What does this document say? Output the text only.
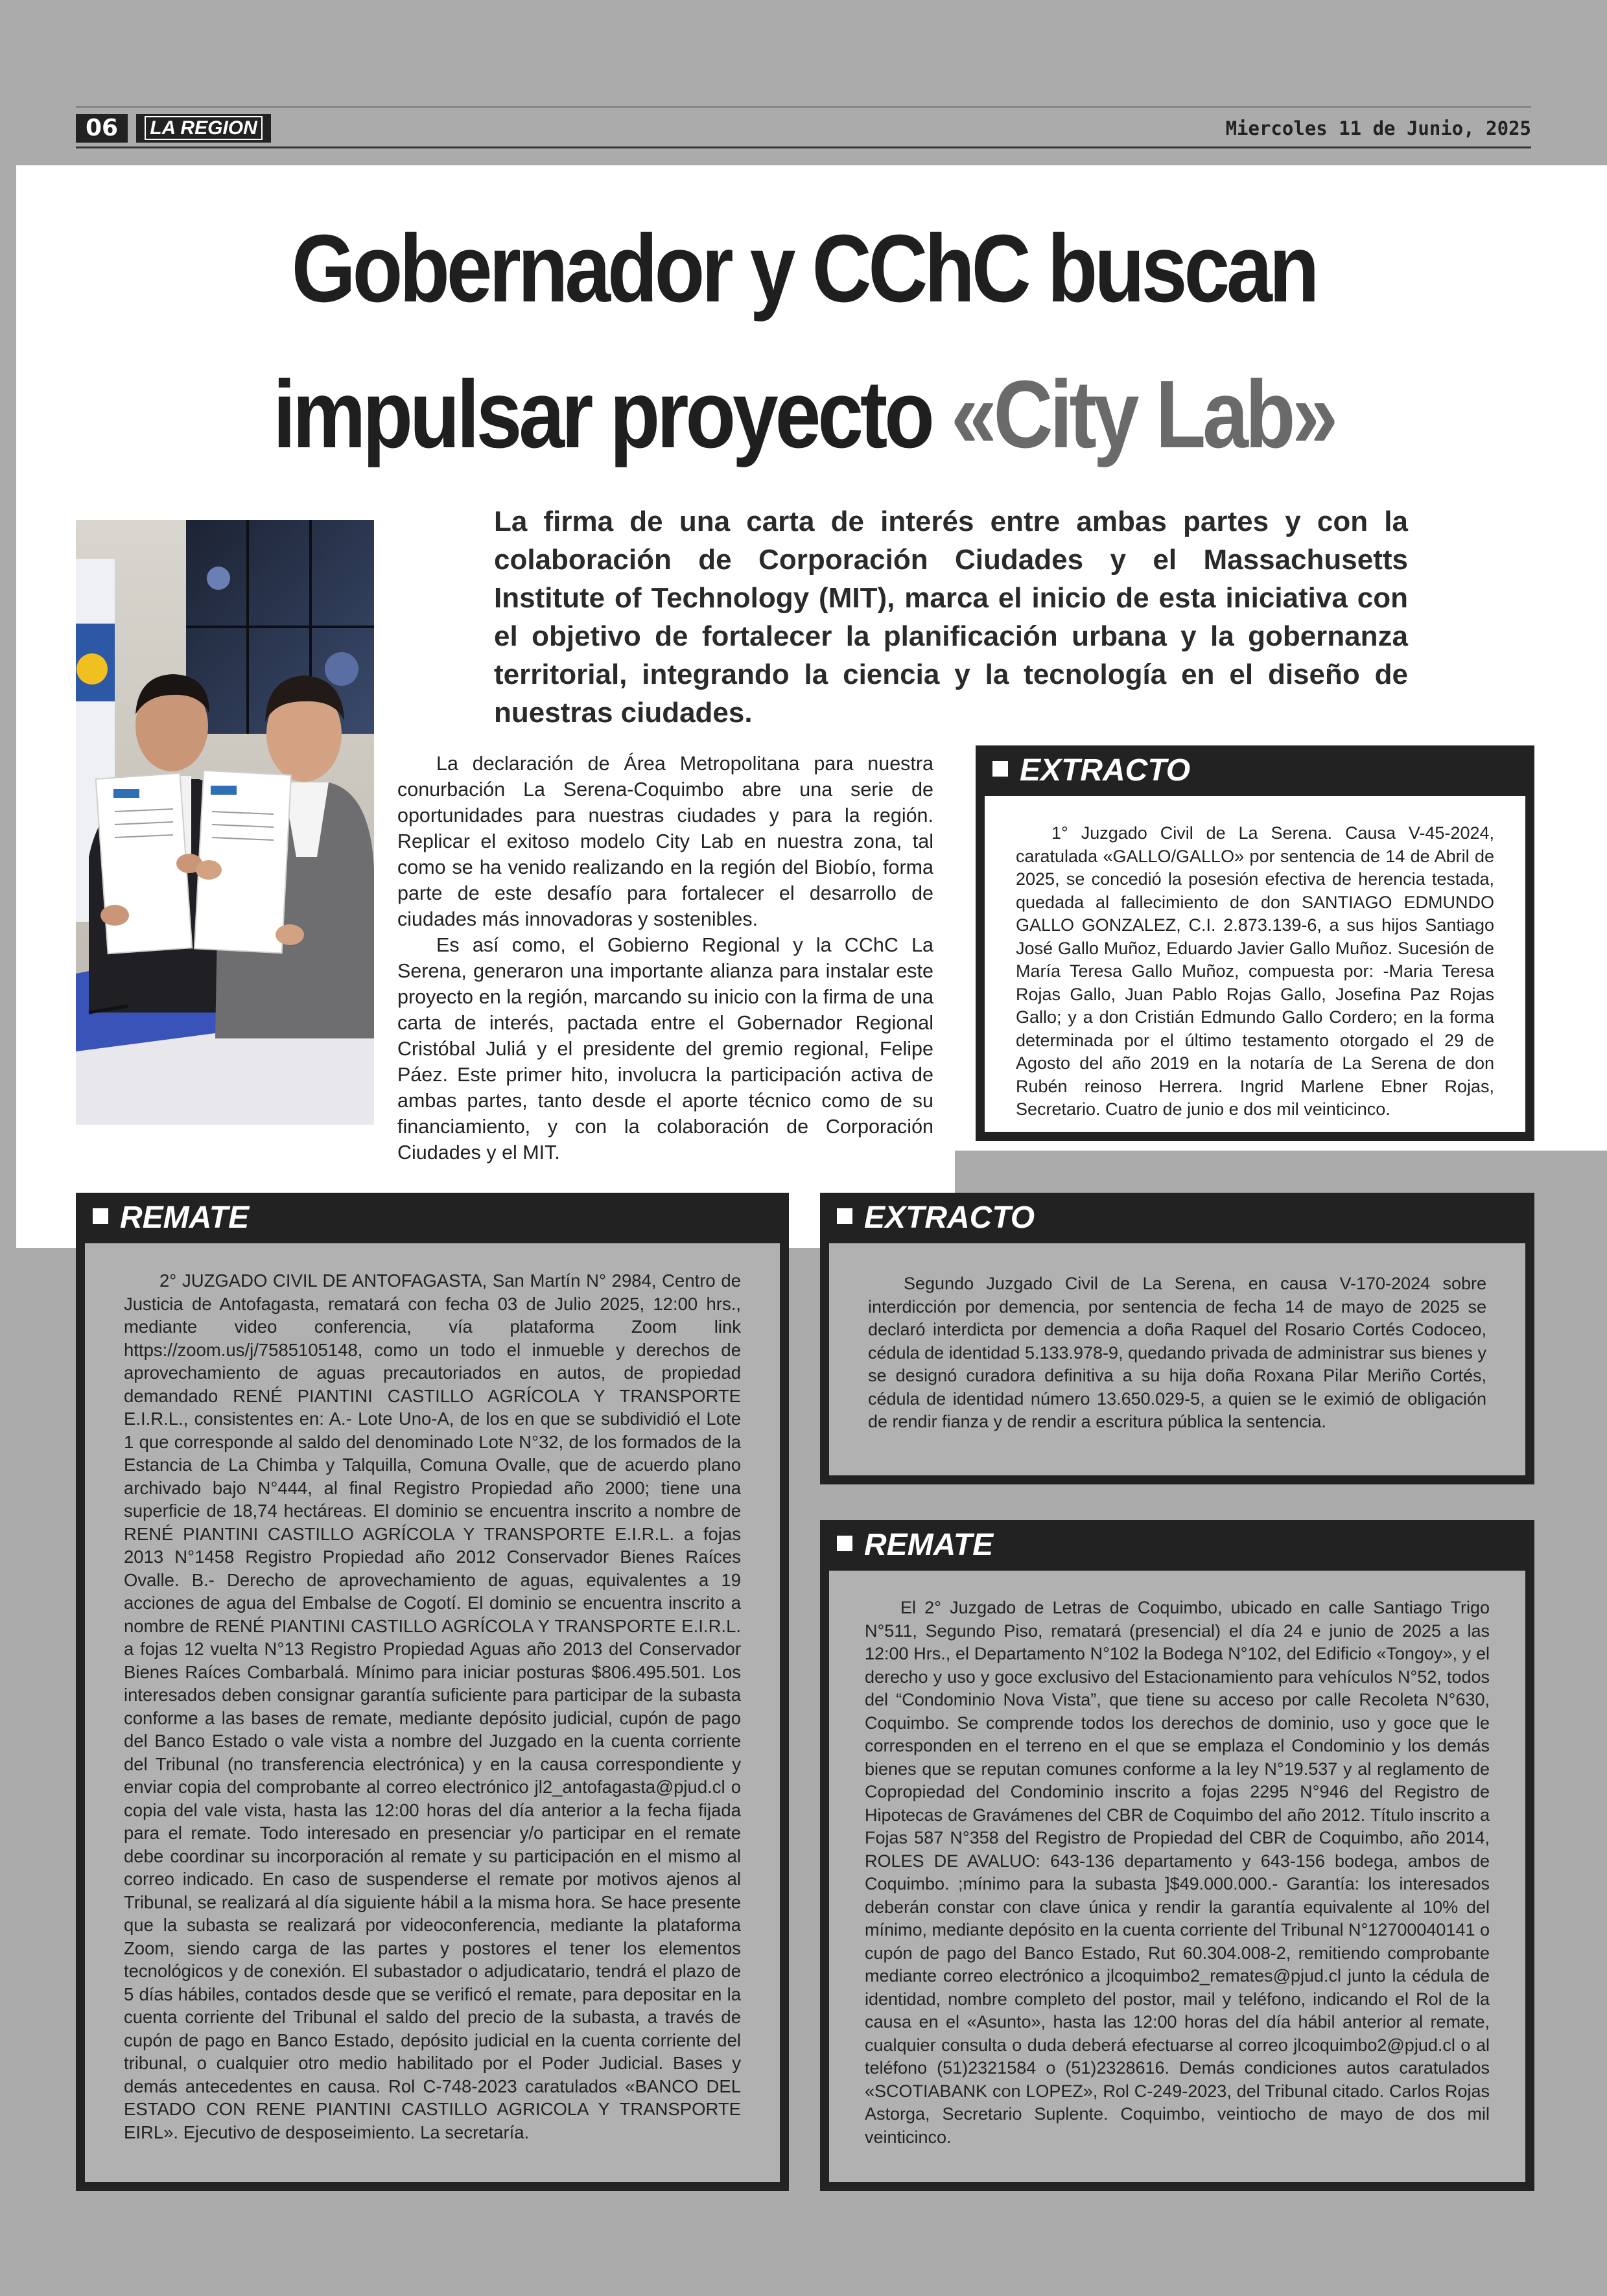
06	LA REGION	Miercoles 11 de Junio, 2025
Gobernador y CChC buscan
impulsar proyecto «City Lab»
La firma de una carta de interés entre ambas partes y con la colaboración de Corporación Ciudades y el Massachusetts Institute of Technology (MIT), marca el inicio de esta iniciativa con el objetivo de fortalecer la planificación urbana y la gobernanza territorial, integrando la ciencia y la tecnología en el diseño de nuestras ciudades.

La declaración de Área Metropolitana para nuestra conurbación La Serena-Coquimbo abre una serie de oportunidades para nuestras ciudades y para la región. Replicar el exitoso modelo City Lab en nuestra zona, tal como se ha venido realizando en la región del Biobío, forma parte de este desafío para fortalecer el desarrollo de ciudades más innovadoras y sostenibles.

Es así como, el Gobierno Regional y la CChC La Serena, generaron una importante alianza para instalar este proyecto en la región, marcando su inicio con la firma de una carta de interés, pactada entre el Gobernador Regional Cristóbal Juliá y el presidente del gremio regional, Felipe Páez. Este primer hito, involucra la participación activa de ambas partes, tanto desde el aporte técnico como de su financiamiento, y con la colaboración de Corporación Ciudades y el MIT.

EXTRACTO

1° Juzgado Civil de La Serena. Causa V-45-2024, caratulada «GALLO/GALLO» por sentencia de 14 de Abril de 2025, se concedió la posesión efectiva de herencia testada, quedada al fallecimiento de don SANTIAGO EDMUNDO GALLO GONZALEZ, C.I. 2.873.139-6, a sus hijos Santiago José Gallo Muñoz, Eduardo Javier Gallo Muñoz. Sucesión de María Teresa Gallo Muñoz, compuesta por: -Maria Teresa Rojas Gallo, Juan Pablo Rojas Gallo, Josefina Paz Rojas Gallo; y a don Cristián Edmundo Gallo Cordero; en la forma determinada por el último testamento otorgado el 29 de Agosto del año 2019 en la notaría de La Serena de don Rubén reinoso Herrera. Ingrid Marlene Ebner Rojas, Secretario. Cuatro de junio e dos mil veinticinco.

REMATE

2° JUZGADO CIVIL DE ANTOFAGASTA, San Martín N° 2984, Centro de Justicia de Antofagasta, rematará con fecha 03 de Julio 2025, 12:00 hrs., mediante video conferencia, vía plataforma Zoom link https://zoom.us/j/7585105148, como un todo el inmueble y derechos de aprovechamiento de aguas precautoriados en autos, de propiedad demandado RENÉ PIANTINI CASTILLO AGRÍCOLA Y TRANSPORTE E.I.R.L., consistentes en: A.- Lote Uno-A, de los en que se subdividió el Lote 1 que corresponde al saldo del denominado Lote N°32, de los formados de la Estancia de La Chimba y Talquilla, Comuna Ovalle, que de acuerdo plano archivado bajo N°444, al final Registro Propiedad año 2000; tiene una superficie de 18,74 hectáreas. El dominio se encuentra inscrito a nombre de RENÉ PIANTINI CASTILLO AGRÍCOLA Y TRANSPORTE E.I.R.L. a fojas 2013 N°1458 Registro Propiedad año 2012 Conservador Bienes Raíces Ovalle. B.- Derecho de aprovechamiento de aguas, equivalentes a 19 acciones de agua del Embalse de Cogotí. El dominio se encuentra inscrito a nombre de RENÉ PIANTINI CASTILLO AGRÍCOLA Y TRANSPORTE E.I.R.L. a fojas 12 vuelta N°13 Registro Propiedad Aguas año 2013 del Conservador Bienes Raíces Combarbalá. Mínimo para iniciar posturas $806.495.501. Los interesados deben consignar garantía suficiente para participar de la subasta conforme a las bases de remate, mediante depósito judicial, cupón de pago del Banco Estado o vale vista a nombre del Juzgado en la cuenta corriente del Tribunal (no transferencia electrónica) y en la causa correspondiente y enviar copia del comprobante al correo electrónico jl2_antofagasta@pjud.cl o copia del vale vista, hasta las 12:00 horas del día anterior a la fecha fijada para el remate. Todo interesado en presenciar y/o participar en el remate debe coordinar su incorporación al remate y su participación en el mismo al correo indicado. En caso de suspenderse el remate por motivos ajenos al Tribunal, se realizará al día siguiente hábil a la misma hora. Se hace presente que la subasta se realizará por videoconferencia, mediante la plataforma Zoom, siendo carga de las partes y postores el tener los elementos tecnológicos y de conexión. El subastador o adjudicatario, tendrá el plazo de 5 días hábiles, contados desde que se verificó el remate, para depositar en la cuenta corriente del Tribunal el saldo del precio de la subasta, a través de cupón de pago en Banco Estado, depósito judicial en la cuenta corriente del tribunal, o cualquier otro medio habilitado por el Poder Judicial. Bases y demás antecedentes en causa. Rol C-748-2023 caratulados «BANCO DEL ESTADO CON RENE PIANTINI CASTILLO AGRICOLA Y TRANSPORTE EIRL». Ejecutivo de desposeimiento. La secretaría.

EXTRACTO

Segundo Juzgado Civil de La Serena, en causa V-170-2024 sobre interdicción por demencia, por sentencia de fecha 14 de mayo de 2025 se declaró interdicta por demencia a doña Raquel del Rosario Cortés Codoceo, cédula de identidad 5.133.978-9, quedando privada de administrar sus bienes y se designó curadora definitiva a su hija doña Roxana Pilar Meriño Cortés, cédula de identidad número 13.650.029-5, a quien se le eximió de obligación de rendir fianza y de rendir a escritura pública la sentencia.

REMATE

El 2° Juzgado de Letras de Coquimbo, ubicado en calle Santiago Trigo N°511, Segundo Piso, rematará (presencial) el día 24 e junio de 2025 a las 12:00 Hrs., el Departamento N°102 la Bodega N°102, del Edificio «Tongoy», y el derecho y uso y goce exclusivo del Estacionamiento para vehículos N°52, todos del “Condominio Nova Vista”, que tiene su acceso por calle Recoleta N°630, Coquimbo. Se comprende todos los derechos de dominio, uso y goce que le corresponden en el terreno en el que se emplaza el Condominio y los demás bienes que se reputan comunes conforme a la ley N°19.537 y al reglamento de Copropiedad del Condominio inscrito a fojas 2295 N°946 del Registro de Hipotecas de Gravámenes del CBR de Coquimbo del año 2012. Título inscrito a Fojas 587 N°358 del Registro de Propiedad del CBR de Coquimbo, año 2014, ROLES DE AVALUO: 643-136 departamento y 643-156 bodega, ambos de Coquimbo. ;mínimo para la subasta ]$49.000.000.- Garantía: los interesados deberán constar con clave única y rendir la garantía equivalente al 10% del mínimo, mediante depósito en la cuenta corriente del Tribunal N°12700040141 o cupón de pago del Banco Estado, Rut 60.304.008-2, remitiendo comprobante mediante correo electrónico a jlcoquimbo2_remates@pjud.cl junto la cédula de identidad, nombre completo del postor, mail y teléfono, indicando el Rol de la causa en el «Asunto», hasta las 12:00 horas del día hábil anterior al remate, cualquier consulta o duda deberá efectuarse al correo jlcoquimbo2@pjud.cl o al teléfono (51)2321584 o (51)2328616. Demás condiciones autos caratulados «SCOTIABANK con LOPEZ», Rol C-249-2023, del Tribunal citado. Carlos Rojas Astorga, Secretario Suplente. Coquimbo, veintiocho de mayo de dos mil veinticinco.
